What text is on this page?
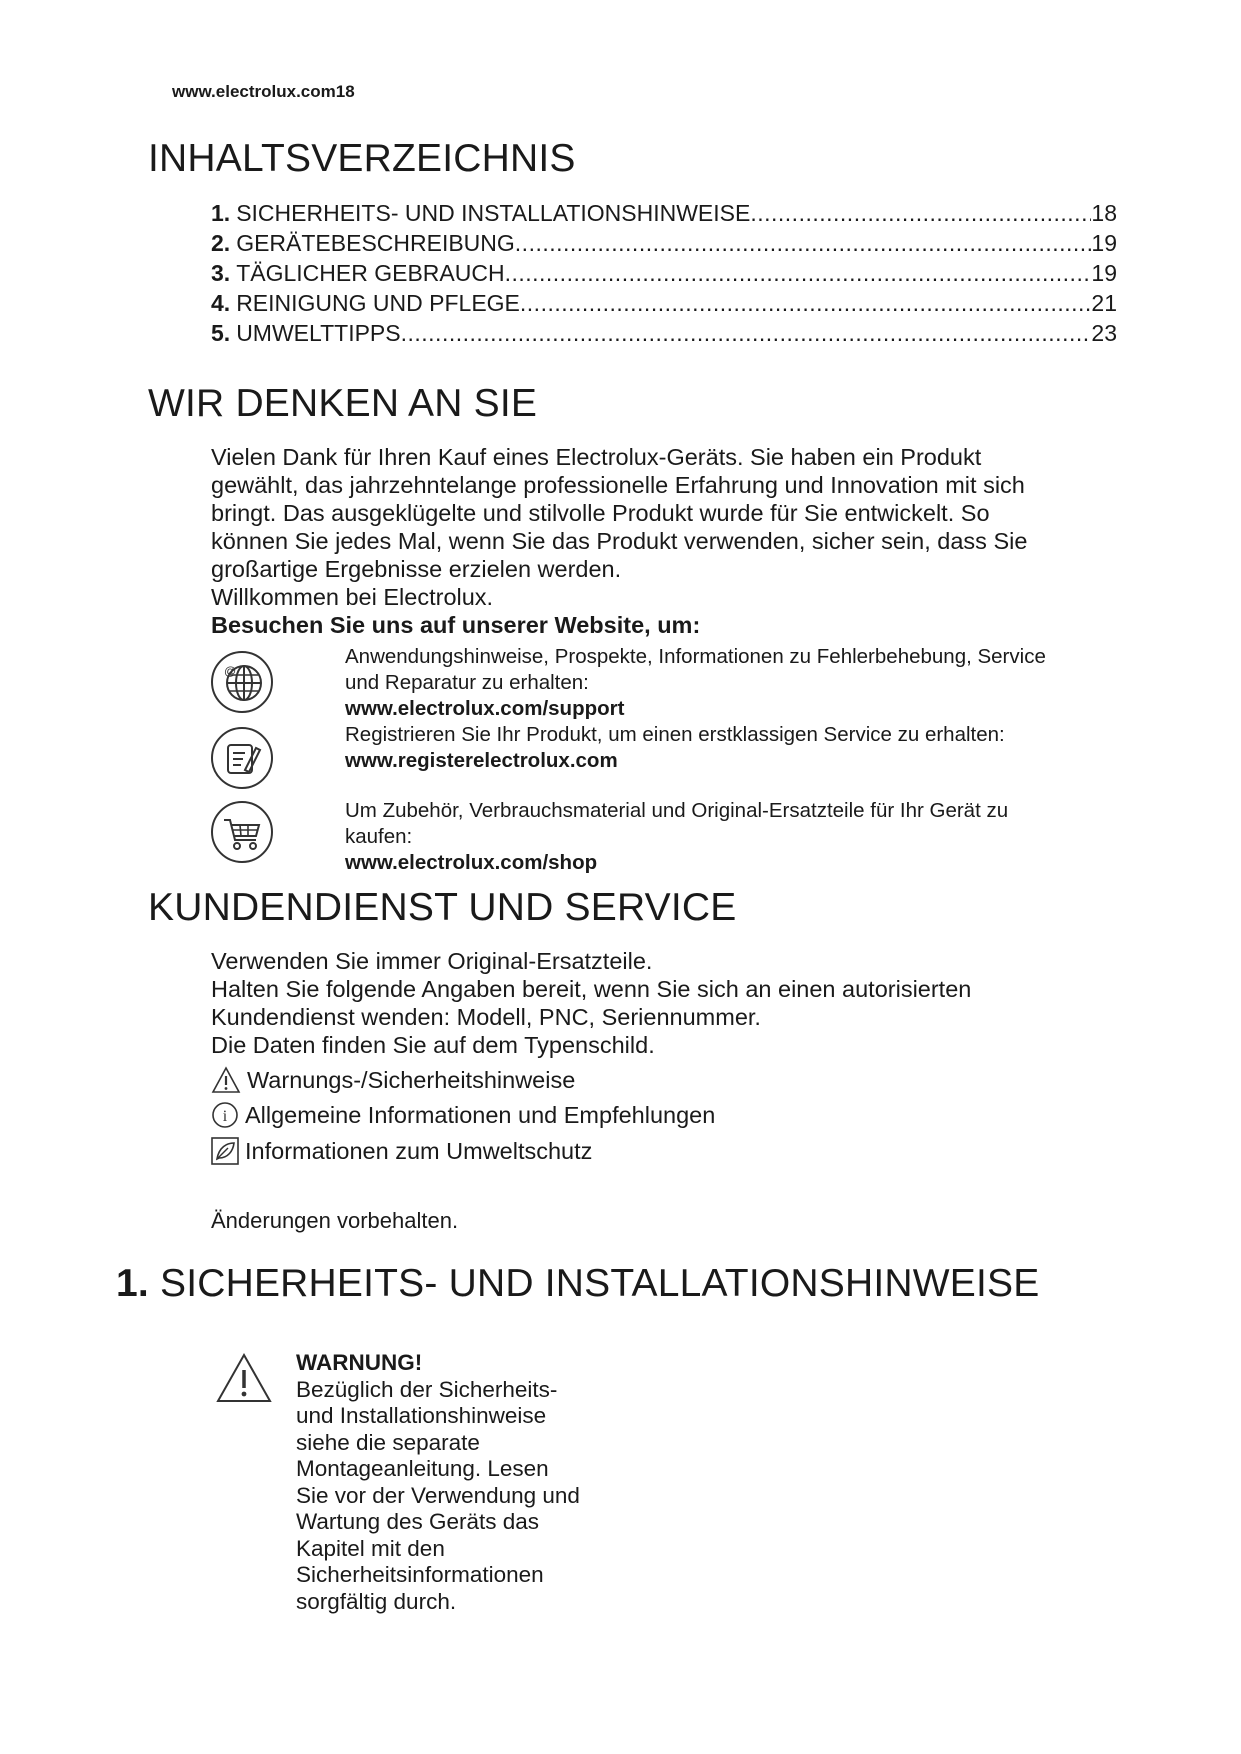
www.electrolux.com18
INHALTSVERZEICHNIS
1. SICHERHEITS- UND INSTALLATIONSHINWEISE .....	18
2. GERÄTEBESCHREIBUNG .....	19
3. TÄGLICHER GEBRAUCH .....	19
4. REINIGUNG UND PFLEGE .....	21
5. UMWELTTIPPS .....	23
WIR DENKEN AN SIE
Vielen Dank für Ihren Kauf eines Electrolux-Geräts. Sie haben ein Produkt
gewählt, das jahrzehntelange professionelle Erfahrung und Innovation mit sich
bringt. Das ausgeklügelte und stilvolle Produkt wurde für Sie entwickelt. So
können Sie jedes Mal, wenn Sie das Produkt verwenden, sicher sein, dass Sie
großartige Ergebnisse erzielen werden.
Willkommen bei Electrolux.
Besuchen Sie uns auf unserer Website, um:
@
Anwendungshinweise, Prospekte, Informationen zu Fehlerbehebung, Service
und Reparatur zu erhalten:
www.electrolux.com/support
Registrieren Sie Ihr Produkt, um einen erstklassigen Service zu erhalten:
www.registerelectrolux.com
Um Zubehör, Verbrauchsmaterial und Original-Ersatzteile für Ihr Gerät zu
kaufen:
www.electrolux.com/shop
KUNDENDIENST UND SERVICE
Verwenden Sie immer Original-Ersatzteile.
Halten Sie folgende Angaben bereit, wenn Sie sich an einen autorisierten
Kundendienst wenden: Modell, PNC, Seriennummer.
Die Daten finden Sie auf dem Typenschild.
Warnungs-/Sicherheitshinweise
i Allgemeine Informationen und Empfehlungen
Informationen zum Umweltschutz
Änderungen vorbehalten.
1. SICHERHEITS- UND INSTALLATIONSHINWEISE
WARNUNG!
Bezüglich der Sicherheits-
und Installationshinweise
siehe die separate
Montageanleitung. Lesen
Sie vor der Verwendung und
Wartung des Geräts das
Kapitel mit den
Sicherheitsinformationen
sorgfältig durch.
